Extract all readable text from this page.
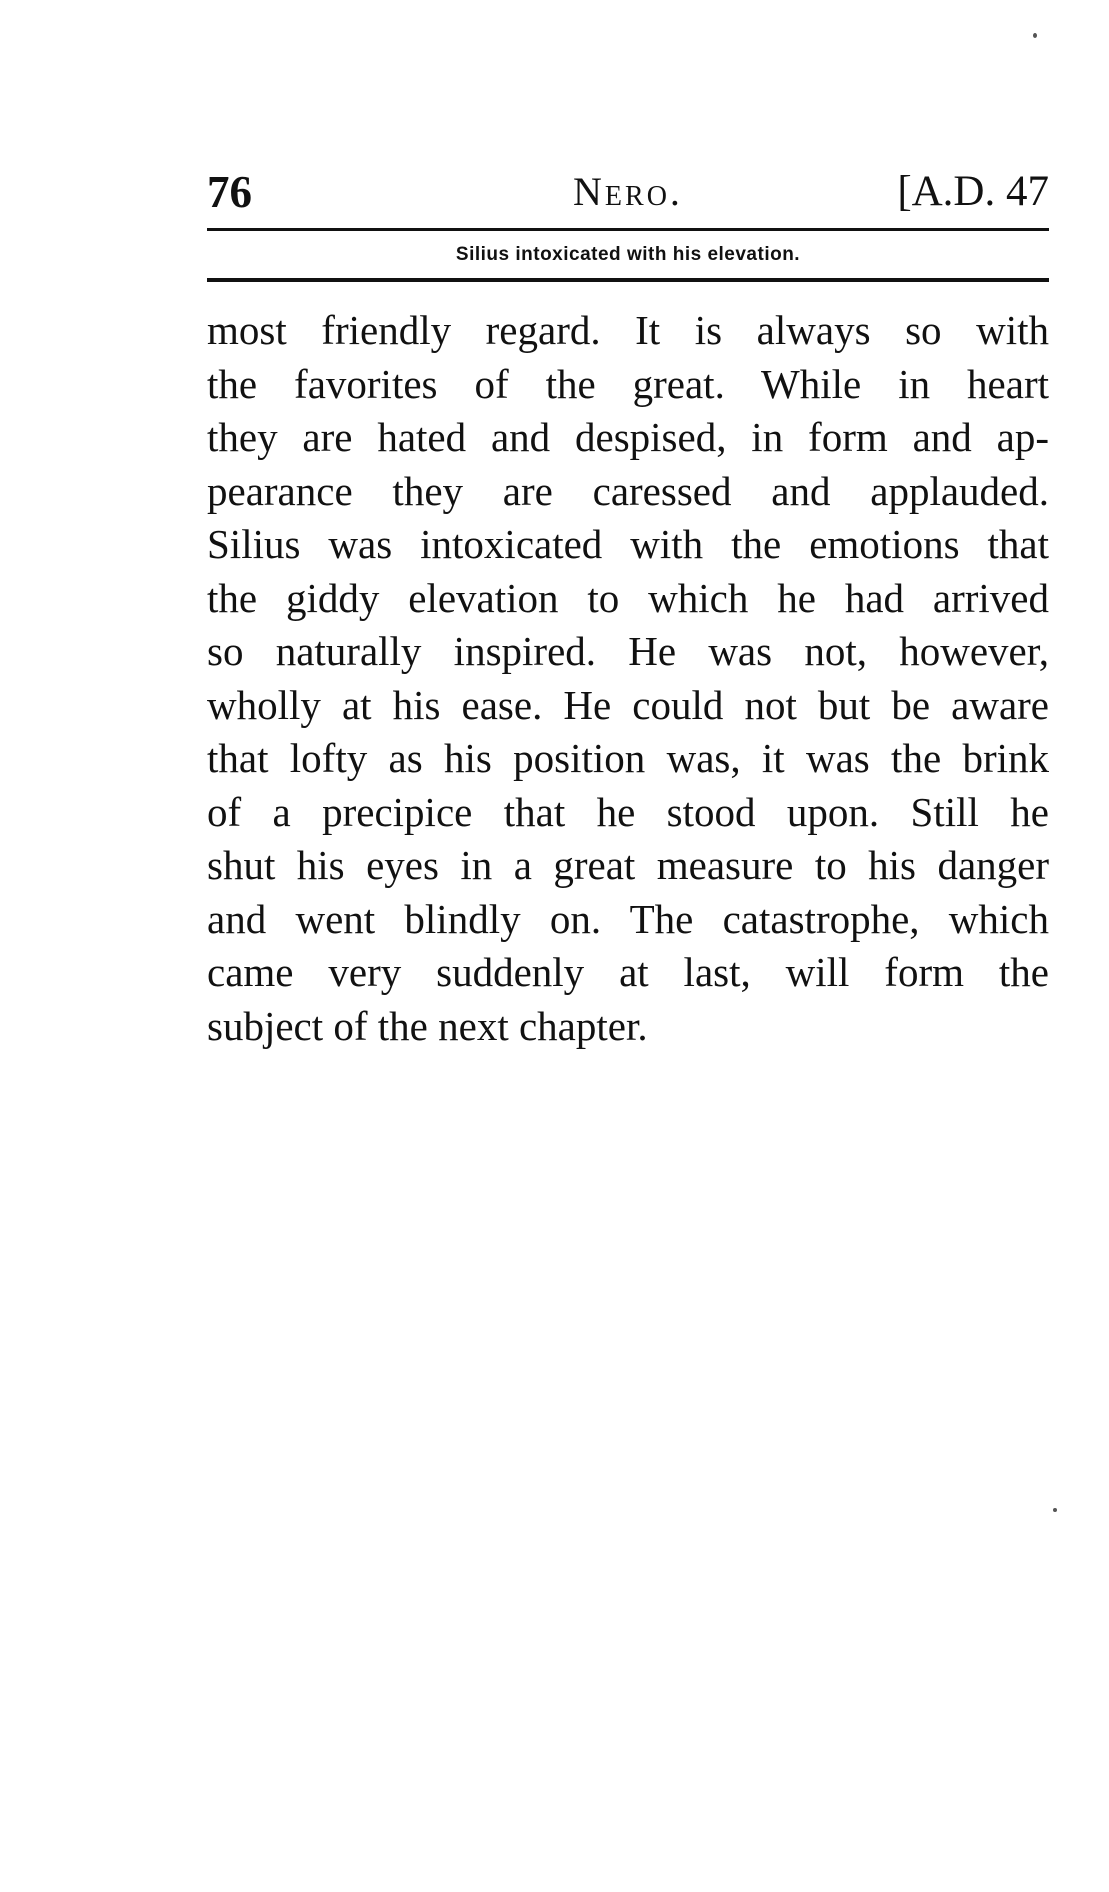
76	Nero.	[A.D. 47
Silius intoxicated with his elevation.
most friendly regard. It is always so with
the favorites of the great. While in heart
they are hated and despised, in form and ap-
pearance they are caressed and applauded.
Silius was intoxicated with the emotions that
the giddy elevation to which he had arrived
so naturally inspired. He was not, however,
wholly at his ease. He could not but be aware
that lofty as his position was, it was the brink
of a precipice that he stood upon. Still he
shut his eyes in a great measure to his danger
and went blindly on. The catastrophe, which
came very suddenly at last, will form the
subject of the next chapter.
